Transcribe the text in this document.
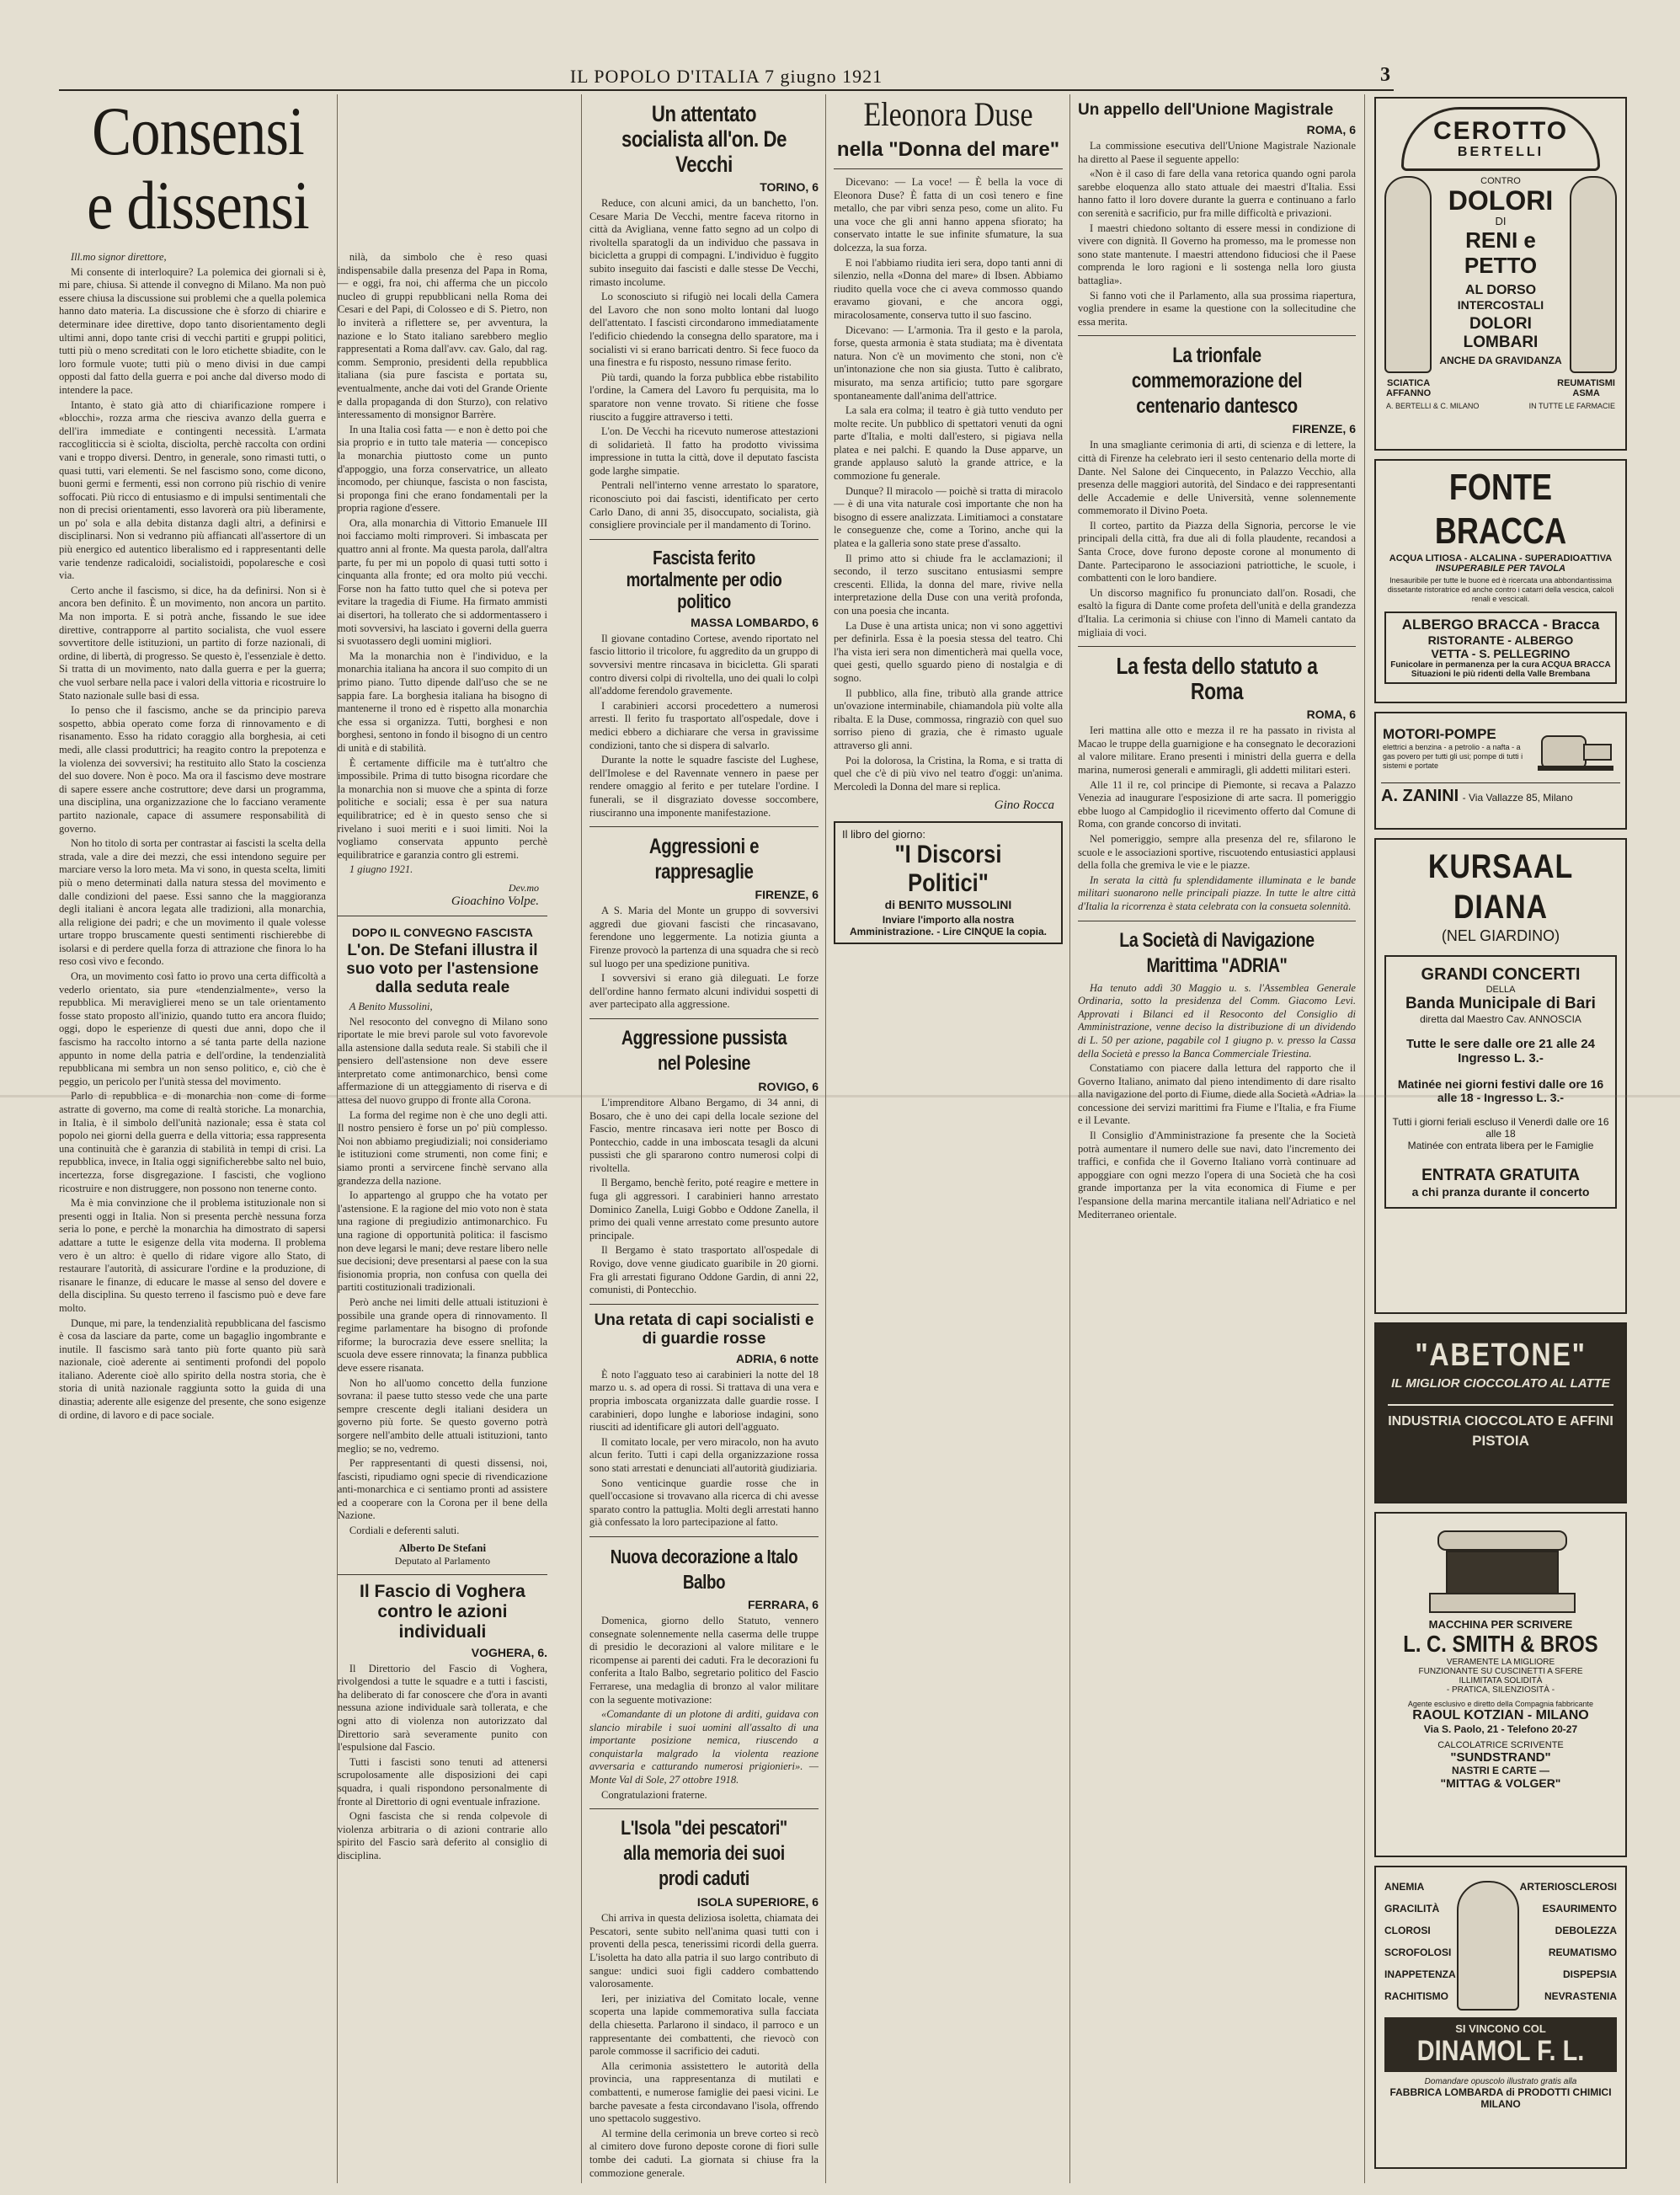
IL POPOLO D'ITALIA 7 giugno 1921	3
Consensi e dissensi

Ill.mo signor direttore,

Mi consente di interloquire? La polemica dei giornali si è, mi pare, chiusa. Si attende il convegno di Milano. Ma non può essere chiusa la discussione sui problemi che a quella polemica hanno dato materia. La discussione che è sforzo di chiarire e determinare idee direttive, dopo tanto disorientamento degli ultimi anni, dopo tante crisi di vecchi partiti e gruppi politici, tutti più o meno screditati con le loro etichette sbiadite, con le loro formule vuote; tutti più o meno divisi in due campi opposti dal fatto della guerra e poi anche dal diverso modo di intendere la pace.

Intanto, è stato già atto di chiarificazione rompere i «blocchi», rozza arma che riesciva avanzo della guerra e dell'ira immediate e contingenti necessità. L'armata raccogliticcia si è sciolta, disciolta, perchè raccolta con ordini vani e troppo diversi. Dentro, in generale, sono rimasti tutti, o quasi tutti, vari elementi. Se nel fascismo sono, come dicono, buoni germi e fermenti, essi non corrono più rischio di venire soffocati. Più ricco di entusiasmo e di impulsi sentimentali che non di precisi orientamenti, esso lavorerà ora più liberamente, un po' sola e alla debita distanza dagli altri, a definirsi e disciplinarsi. Non si vedranno più affiancati all'assertore di un più energico ed autentico liberalismo ed i rappresentanti delle varie tendenze radicaloidi, socialistoidi, popolaresche e così via.

Certo anche il fascismo, si dice, ha da definirsi. Non si è ancora ben definito. È un movimento, non ancora un partito. Ma non importa. E si potrà anche, fissando le sue idee direttive, contrapporre al partito socialista, che vuol essere sovvertitore delle istituzioni, un partito di forze nazionali, di ordine, di libertà, di progresso. Se questo è, l'essenziale è detto. Si tratta di un movimento, nato dalla guerra e per la guerra; che vuol serbare nella pace i valori della vittoria e ricostruire lo Stato nazionale sulle basi di essa.

Io penso che il fascismo, anche se da principio pareva sospetto, abbia operato come forza di rinnovamento e di risanamento. Esso ha ridato coraggio alla borghesia, ai ceti medi, alle classi produttrici; ha reagito contro la prepotenza e la violenza dei sovversivi; ha restituito allo Stato la coscienza del suo dovere. Non è poco. Ma ora il fascismo deve mostrare di sapere essere anche costruttore; deve darsi un programma, una disciplina, una organizzazione che lo facciano veramente partito nazionale, capace di assumere responsabilità di governo.

Non ho titolo di sorta per contrastar ai fascisti la scelta della strada, vale a dire dei mezzi, che essi intendono seguire per marciare verso la loro meta. Ma vi sono, in questa scelta, limiti più o meno determinati dalla natura stessa del movimento e dalle condizioni del paese. Essi sanno che la maggioranza degli italiani è ancora legata alle tradizioni, alla monarchia, alla religione dei padri; e che un movimento il quale volesse urtare troppo bruscamente questi sentimenti rischierebbe di isolarsi e di perdere quella forza di attrazione che finora lo ha reso così vivo e fecondo.

Ora, un movimento così fatto io provo una certa difficoltà a vederlo orientato, sia pure «tendenzialmente», verso la repubblica. Mi meraviglierei meno se un tale orientamento fosse stato proposto all'inizio, quando tutto era ancora fluido; oggi, dopo le esperienze di questi due anni, dopo che il fascismo ha raccolto intorno a sé tanta parte della nazione appunto in nome della patria e dell'ordine, la tendenzialità repubblicana mi sembra un non senso politico, e, ciò che è peggio, un pericolo per l'unità stessa del movimento.

Parlo di repubblica e di monarchia non come di forme astratte di governo, ma come di realtà storiche. La monarchia, in Italia, è il simbolo dell'unità nazionale; essa è stata col popolo nei giorni della guerra e della vittoria; essa rappresenta una continuità che è garanzia di stabilità in tempi di crisi. La repubblica, invece, in Italia oggi significherebbe salto nel buio, incertezza, forse disgregazione. I fascisti, che vogliono ricostruire e non distruggere, non possono non tenerne conto.

Ma è mia convinzione che il problema istituzionale non si presenti oggi in Italia. Non si presenta perchè nessuna forza seria lo pone, e perchè la monarchia ha dimostrato di sapersi adattare a tutte le esigenze della vita moderna. Il problema vero è un altro: è quello di ridare vigore allo Stato, di restaurare l'autorità, di assicurare l'ordine e la produzione, di risanare le finanze, di educare le masse al senso del dovere e della disciplina. Su questo terreno il fascismo può e deve fare molto.

Dunque, mi pare, la tendenzialità repubblicana del fascismo è cosa da lasciare da parte, come un bagaglio ingombrante e inutile. Il fascismo sarà tanto più forte quanto più sarà nazionale, cioè aderente ai sentimenti profondi del popolo italiano. Aderente cioè allo spirito della nostra storia, che è storia di unità nazionale raggiunta sotto la guida di una dinastia; aderente alle esigenze del presente, che sono esigenze di ordine, di lavoro e di pace sociale.

nilà, da simbolo che è reso quasi indispensabile dalla presenza del Papa in Roma, — e oggi, fra noi, chi afferma che un piccolo nucleo di gruppi repubblicani nella Roma dei Cesari e del Papi, di Colosseo e di S. Pietro, non lo inviterà a riflettere se, per avventura, la nazione e lo Stato italiano sarebbero meglio rappresentati a Roma dall'avv. cav. Galo, dal rag. comm. Sempronio, presidenti della repubblica italiana (sia pure fascista e portata su, eventualmente, anche dai voti del Grande Oriente e dalla propaganda di don Sturzo), con relativo interessamento di monsignor Barrère.

In una Italia così fatta — e non è detto poi che sia proprio e in tutto tale materia — concepisco la monarchia piuttosto come un punto d'appoggio, una forza conservatrice, un alleato incomodo, per chiunque, fascista o non fascista, si proponga fini che erano fondamentali per la propria ragione d'essere.

Ora, alla monarchia di Vittorio Emanuele III noi facciamo molti rimproveri. Si imbascata per quattro anni al fronte. Ma questa parola, dall'altra parte, fu per mi un popolo di quasi tutti sotto i cinquanta alla fronte; ed ora molto piú vecchi. Forse non ha fatto tutto quel che si poteva per evitare la tragedia di Fiume. Ha firmato ammisti ai disertori, ha tollerato che si addormentassero i moti sovversivi, ha lasciato i governi della guerra si svuotassero degli uomini migliori.

Ma la monarchia non è l'individuo, e la monarchia italiana ha ancora il suo compito di un primo piano. Tutto dipende dall'uso che se ne sappia fare. La borghesia italiana ha bisogno di mantenerne il trono ed è rispetto alla monarchia che essa si organizza. Tutti, borghesi e non borghesi, sentono in fondo il bisogno di un centro di unità e di stabilità.

È certamente difficile ma è tutt'altro che impossibile. Prima di tutto bisogna ricordare che la monarchia non si muove che a spinta di forze politiche e sociali; essa è per sua natura equilibratrice; ed è in questo senso che si rivelano i suoi meriti e i suoi limiti. Noi la vogliamo conservata appunto perchè equilibratrice e garanzia contro gli estremi.

1 giugno 1921.

Dev.mo
Gioachino Volpe.
DOPO IL CONVEGNO FASCISTA
L'on. De Stefani illustra il suo voto per l'astensione dalla seduta reale

A Benito Mussolini,

Nel resoconto del convegno di Milano sono riportate le mie brevi parole sul voto favorevole alla astensione dalla seduta reale. Si stabilì che il pensiero dell'astensione non deve essere interpretato come antimonarchico, bensì come affermazione di un atteggiamento di riserva e di attesa del nuovo gruppo di fronte alla Corona.

La forma del regime non è che uno degli atti. Il nostro pensiero è forse un po' più complesso. Noi non abbiamo pregiudiziali; noi consideriamo le istituzioni come strumenti, non come fini; e siamo pronti a servircene finchè servano alla grandezza della nazione.

Io appartengo al gruppo che ha votato per l'astensione. E la ragione del mio voto non è stata una ragione di pregiudizio antimonarchico. Fu una ragione di opportunità politica: il fascismo non deve legarsi le mani; deve restare libero nelle sue decisioni; deve presentarsi al paese con la sua fisionomia propria, non confusa con quella dei partiti costituzionali tradizionali.

Però anche nei limiti delle attuali istituzioni è possibile una grande opera di rinnovamento. Il regime parlamentare ha bisogno di profonde riforme; la burocrazia deve essere snellita; la scuola deve essere rinnovata; la finanza pubblica deve essere risanata.

Non ho all'uomo concetto della funzione sovrana: il paese tutto stesso vede che una parte sempre crescente degli italiani desidera un governo più forte. Se questo governo potrà sorgere nell'ambito delle attuali istituzioni, tanto meglio; se no, vedremo.

Per rappresentanti di questi dissensi, noi, fascisti, ripudiamo ogni specie di rivendicazione anti-monarchica e ci sentiamo pronti ad assistere ed a cooperare con la Corona per il bene della Nazione.

Cordiali e deferenti saluti.

Alberto De Stefani
Deputato al Parlamento
Il Fascio di Voghera contro le azioni individuali
VOGHERA, 6.

Il Direttorio del Fascio di Voghera, rivolgendosi a tutte le squadre e a tutti i fascisti, ha deliberato di far conoscere che d'ora in avanti nessuna azione individuale sarà tollerata, e che ogni atto di violenza non autorizzato dal Direttorio sarà severamente punito con l'espulsione dal Fascio.

Tutti i fascisti sono tenuti ad attenersi scrupolosamente alle disposizioni dei capi squadra, i quali rispondono personalmente di fronte al Direttorio di ogni eventuale infrazione.

Ogni fascista che si renda colpevole di violenza arbitraria o di azioni contrarie allo spirito del Fascio sarà deferito al consiglio di disciplina.

Un attentato socialista all'on. De Vecchi
TORINO, 6

Reduce, con alcuni amici, da un banchetto, l'on. Cesare Maria De Vecchi, mentre faceva ritorno in città da Avigliana, venne fatto segno ad un colpo di rivoltella sparatogli da un individuo che passava in bicicletta a gruppi di compagni. L'individuo è fuggito subito inseguito dai fascisti e dalle stesse De Vecchi, rimasto incolume.

Lo sconosciuto si rifugiò nei locali della Camera del Lavoro che non sono molto lontani dal luogo dell'attentato. I fascisti circondarono immediatamente l'edificio chiedendo la consegna dello sparatore, ma i socialisti vi si erano barricati dentro. Si fece fuoco da una finestra e fu risposto, nessuno rimase ferito.

Più tardi, quando la forza pubblica ebbe ristabilito l'ordine, la Camera del Lavoro fu perquisita, ma lo sparatore non venne trovato. Si ritiene che fosse riuscito a fuggire attraverso i tetti.

L'on. De Vecchi ha ricevuto numerose attestazioni di solidarietà. Il fatto ha prodotto vivissima impressione in tutta la città, dove il deputato fascista gode larghe simpatie.

Pentrali nell'interno venne arrestato lo sparatore, riconosciuto poi dai fascisti, identificato per certo Carlo Dano, di anni 35, disoccupato, socialista, già consigliere provinciale per il mandamento di Torino.

Fascista ferito mortalmente per odio politico
MASSA LOMBARDO, 6

Il giovane contadino Cortese, avendo riportato nel fascio littorio il tricolore, fu aggredito da un gruppo di sovversivi mentre rincasava in bicicletta. Gli sparati contro diversi colpi di rivoltella, uno dei quali lo colpì all'addome ferendolo gravemente.

I carabinieri accorsi procedettero a numerosi arresti. Il ferito fu trasportato all'ospedale, dove i medici ebbero a dichiarare che versa in gravissime condizioni, tanto che si dispera di salvarlo.

Durante la notte le squadre fasciste del Lughese, dell'Imolese e del Ravennate vennero in paese per rendere omaggio al ferito e per tutelare l'ordine. I funerali, se il disgraziato dovesse soccombere, riusciranno una imponente manifestazione.

Aggressioni e rappresaglie
FIRENZE, 6

A S. Maria del Monte un gruppo di sovversivi aggredì due giovani fascisti che rincasavano, ferendone uno leggermente. La notizia giunta a Firenze provocò la partenza di una squadra che si recò sul luogo per una spedizione punitiva.

I sovversivi si erano già dileguati. Le forze dell'ordine hanno fermato alcuni individui sospetti di aver partecipato alla aggressione.

Aggressione pussista nel Polesine
ROVIGO, 6

L'imprenditore Albano Bergamo, di 34 anni, di Bosaro, che è uno dei capi della locale sezione del Fascio, mentre rincasava ieri notte per Bosco di Pontecchio, cadde in una imboscata tesagli da alcuni pussisti che gli spararono contro numerosi colpi di rivoltella.

Il Bergamo, benchè ferito, poté reagire e mettere in fuga gli aggressori. I carabinieri hanno arrestato Dominico Zanella, Luigi Gobbo e Oddone Zanella, il primo dei quali venne arrestato come presunto autore principale.

Il Bergamo è stato trasportato all'ospedale di Rovigo, dove venne giudicato guaribile in 20 giorni. Fra gli arrestati figurano Oddone Gardin, di anni 22, comunisti, di Pontecchio.

Una retata di capi socialisti e di guardie rosse
ADRIA, 6 notte

È noto l'agguato teso ai carabinieri la notte del 18 marzo u. s. ad opera di rossi. Si trattava di una vera e propria imboscata organizzata dalle guardie rosse. I carabinieri, dopo lunghe e laboriose indagini, sono riusciti ad identificare gli autori dell'agguato.

Il comitato locale, per vero miracolo, non ha avuto alcun ferito. Tutti i capi della organizzazione rossa sono stati arrestati e denunciati all'autorità giudiziaria.

Sono venticinque guardie rosse che in quell'occasione si trovavano alla ricerca di chi avesse sparato contro la pattuglia. Molti degli arrestati hanno già confessato la loro partecipazione al fatto.

Nuova decorazione a Italo Balbo
FERRARA, 6

Domenica, giorno dello Statuto, vennero consegnate solennemente nella caserma delle truppe di presidio le decorazioni al valore militare e le ricompense ai parenti dei caduti. Fra le decorazioni fu conferita a Italo Balbo, segretario politico del Fascio Ferrarese, una medaglia di bronzo al valor militare con la seguente motivazione:

«Comandante di un plotone di arditi, guidava con slancio mirabile i suoi uomini all'assalto di una importante posizione nemica, riuscendo a conquistarla malgrado la violenta reazione avversaria e catturando numerosi prigionieri». — Monte Val di Sole, 27 ottobre 1918.

Congratulazioni fraterne.

L'Isola "dei pescatori" alla memoria dei suoi prodi caduti
ISOLA SUPERIORE, 6

Chi arriva in questa deliziosa isoletta, chiamata dei Pescatori, sente subito nell'anima quasi tutti con i proventi della pesca, tenerissimi ricordi della guerra. L'isoletta ha dato alla patria il suo largo contributo di sangue: undici suoi figli caddero combattendo valorosamente.

Ieri, per iniziativa del Comitato locale, venne scoperta una lapide commemorativa sulla facciata della chiesetta. Parlarono il sindaco, il parroco e un rappresentante dei combattenti, che rievocò con parole commosse il sacrificio dei caduti.

Alla cerimonia assistettero le autorità della provincia, una rappresentanza di mutilati e combattenti, e numerose famiglie dei paesi vicini. Le barche pavesate a festa circondavano l'isola, offrendo uno spettacolo suggestivo.

Al termine della cerimonia un breve corteo si recò al cimitero dove furono deposte corone di fiori sulle tombe dei caduti. La giornata si chiuse fra la commozione generale.

Eleonora Duse
nella "Donna del mare"

Dicevano: — La voce! — È bella la voce di Eleonora Duse? È fatta di un così tenero e fine metallo, che par vibri senza peso, come un alito. Fu una voce che gli anni hanno appena sfiorato; ha conservato intatte le sue infinite sfumature, la sua dolcezza, la sua forza.

E noi l'abbiamo riudita ieri sera, dopo tanti anni di silenzio, nella «Donna del mare» di Ibsen. Abbiamo riudito quella voce che ci aveva commosso quando eravamo giovani, e che ancora oggi, miracolosamente, conserva tutto il suo fascino.

Dicevano: — L'armonia. Tra il gesto e la parola, forse, questa armonia è stata studiata; ma è diventata natura. Non c'è un movimento che stoni, non c'è un'intonazione che non sia giusta. Tutto è calibrato, misurato, ma senza artificio; tutto pare sgorgare spontaneamente dall'anima dell'attrice.

La sala era colma; il teatro è già tutto venduto per molte recite. Un pubblico di spettatori venuti da ogni parte d'Italia, e molti dall'estero, si pigiava nella platea e nei palchi. E quando la Duse apparve, un grande applauso salutò la grande attrice, e la commozione fu generale.

Dunque? Il miracolo — poichè si tratta di miracolo — è di una vita naturale così importante che non ha bisogno di essere analizzata. Limitiamoci a constatare le conseguenze che, come a Torino, anche qui la platea e la galleria sono state prese d'assalto.

Il primo atto si chiude fra le acclamazioni; il secondo, il terzo suscitano entusiasmi sempre crescenti. Ellida, la donna del mare, rivive nella interpretazione della Duse con una verità profonda, con una poesia che incanta.

La Duse è una artista unica; non vi sono aggettivi per definirla. Essa è la poesia stessa del teatro. Chi l'ha vista ieri sera non dimenticherà mai quella voce, quei gesti, quello sguardo pieno di nostalgia e di sogno.

Il pubblico, alla fine, tributò alla grande attrice un'ovazione interminabile, chiamandola più volte alla ribalta. E la Duse, commossa, ringraziò con quel suo sorriso pieno di grazia, che è rimasto uguale attraverso gli anni.

Poi la dolorosa, la Cristina, la Roma, e si tratta di quel che c'è di più vivo nel teatro d'oggi: un'anima. Mercoledì la Donna del mare si replica.

Gino Rocca
Il libro del giorno:
"I Discorsi Politici"
di BENITO MUSSOLINI
Inviare l'importo alla nostra Amministrazione. - Lire CINQUE la copia.
Un appello dell'Unione Magistrale
ROMA, 6

La commissione esecutiva dell'Unione Magistrale Nazionale ha diretto al Paese il seguente appello:

«Non è il caso di fare della vana retorica quando ogni parola sarebbe eloquenza allo stato attuale dei maestri d'Italia. Essi hanno fatto il loro dovere durante la guerra e continuano a farlo con serenità e sacrificio, pur fra mille difficoltà e privazioni.

I maestri chiedono soltanto di essere messi in condizione di vivere con dignità. Il Governo ha promesso, ma le promesse non sono state mantenute. I maestri attendono fiduciosi che il Paese comprenda le loro ragioni e li sostenga nella loro giusta battaglia».

Si fanno voti che il Parlamento, alla sua prossima riapertura, voglia prendere in esame la questione con la sollecitudine che essa merita.

La trionfale commemorazione del centenario dantesco
FIRENZE, 6

In una smagliante cerimonia di arti, di scienza e di lettere, la città di Firenze ha celebrato ieri il sesto centenario della morte di Dante. Nel Salone dei Cinquecento, in Palazzo Vecchio, alla presenza delle maggiori autorità, del Sindaco e dei rappresentanti delle Accademie e delle Università, venne solennemente commemorato il Divino Poeta.

Il corteo, partito da Piazza della Signoria, percorse le vie principali della città, fra due ali di folla plaudente, recandosi a Santa Croce, dove furono deposte corone al monumento di Dante. Parteciparono le associazioni patriottiche, le scuole, i combattenti con le loro bandiere.

Un discorso magnifico fu pronunciato dall'on. Rosadi, che esaltò la figura di Dante come profeta dell'unità e della grandezza d'Italia. La cerimonia si chiuse con l'inno di Mameli cantato da migliaia di voci.

La festa dello statuto a Roma
ROMA, 6

Ieri mattina alle otto e mezza il re ha passato in rivista al Macao le truppe della guarnigione e ha consegnato le decorazioni al valore militare. Erano presenti i ministri della guerra e della marina, numerosi generali e ammiragli, gli addetti militari esteri.

Alle 11 il re, col principe di Piemonte, si recava a Palazzo Venezia ad inaugurare l'esposizione di arte sacra. Il pomeriggio ebbe luogo al Campidoglio il ricevimento offerto dal Comune di Roma, con grande concorso di invitati.

Nel pomeriggio, sempre alla presenza del re, sfilarono le scuole e le associazioni sportive, riscuotendo entusiastici applausi della folla che gremiva le vie e le piazze.

In serata la città fu splendidamente illuminata e le bande militari suonarono nelle principali piazze. In tutte le altre città d'Italia la ricorrenza è stata celebrata con la consueta solennità.

La Società di Navigazione Marittima "ADRIA"

Ha tenuto addì 30 Maggio u. s. l'Assemblea Generale Ordinaria, sotto la presidenza del Comm. Giacomo Levi. Approvati i Bilanci ed il Resoconto del Consiglio di Amministrazione, venne deciso la distribuzione di un dividendo di L. 50 per azione, pagabile col 1 giugno p. v. presso la Cassa della Società e presso la Banca Commerciale Triestina.

Constatiamo con piacere dalla lettura del rapporto che il Governo Italiano, animato dal pieno intendimento di dare risalto alla navigazione del porto di Fiume, diede alla Società «Adria» la concessione dei servizi marittimi fra Fiume e l'Italia, e fra Fiume e il Levante.

Il Consiglio d'Amministrazione fa presente che la Società potrà aumentare il numero delle sue navi, dato l'incremento dei traffici, e confida che il Governo Italiano vorrà continuare ad appoggiare con ogni mezzo l'opera di una Società che ha così grande importanza per la vita economica di Fiume e per l'espansione della marina mercantile italiana nell'Adriatico e nel Mediterraneo orientale.

CEROTTO
BERTELLI
CONTRO
DOLORI
DI
RENI e PETTO
AL DORSO
INTERCOSTALI
DOLORI LOMBARI
ANCHE DA GRAVIDANZA
SCIATICA
AFFANNO
REUMATISMI
ASMA
A. BERTELLI & C. MILANO	IN TUTTE LE FARMACIE
FONTE BRACCA
ACQUA LITIOSA - ALCALINA - SUPERADIOATTIVA
INSUPERABILE PER TAVOLA
Inesauribile per tutte le buone ed è ricercata una abbondantissima dissetante ristoratrice ed anche contro i catarri della vescica, calcoli renali e vescicali.
ALBERGO BRACCA - Bracca
RISTORANTE - ALBERGO
VETTA - S. PELLEGRINO
Funicolare in permanenza per la cura ACQUA BRACCA
Situazioni le più ridenti della Valle Brembana
MOTORI-POMPE
elettrici a benzina - a petrolio - a nafta - a gas povero per tutti gli usi; pompe di tutti i sistemi e portate
A. ZANINI - Via Vallazze 85, Milano
KURSAAL DIANA
(NEL GIARDINO)
GRANDI CONCERTI
DELLA
Banda Municipale di Bari
diretta dal Maestro Cav. ANNOSCIA
Tutte le sere dalle ore 21 alle 24
Ingresso L. 3.-
Matinée nei giorni festivi dalle ore 16 alle 18 - Ingresso L. 3.-
Tutti i giorni feriali escluso il Venerdì dalle ore 16 alle 18
Matinée con entrata libera per le Famiglie
ENTRATA GRATUITA
a chi pranza durante il concerto
"ABETONE"
IL MIGLIOR CIOCCOLATO AL LATTE
INDUSTRIA CIOCCOLATO E AFFINI
PISTOIA
MACCHINA PER SCRIVERE
L. C. SMITH & BROS
VERAMENTE LA MIGLIORE
FUNZIONANTE SU CUSCINETTI A SFERE
ILLIMITATA SOLIDITÀ
- PRATICA, SILENZIOSITÀ -
Agente esclusivo e diretto della Compagnia fabbricante
RAOUL KOTZIAN - MILANO
Via S. Paolo, 21 - Telefono 20-27
CALCOLATRICE SCRIVENTE
"SUNDSTRAND"
NASTRI E CARTE —
"MITTAG & VOLGER"
ANEMIA
GRACILITÀ
CLOROSI
SCROFOLOSI
INAPPETENZA
RACHITISMO
ARTERIOSCLEROSI
ESAURIMENTO
DEBOLEZZA
REUMATISMO
DISPEPSIA
NEVRASTENIA
SI VINCONO COL
DINAMOL F. L.
Domandare opuscolo illustrato gratis alla
FABBRICA LOMBARDA di PRODOTTI CHIMICI
MILANO
